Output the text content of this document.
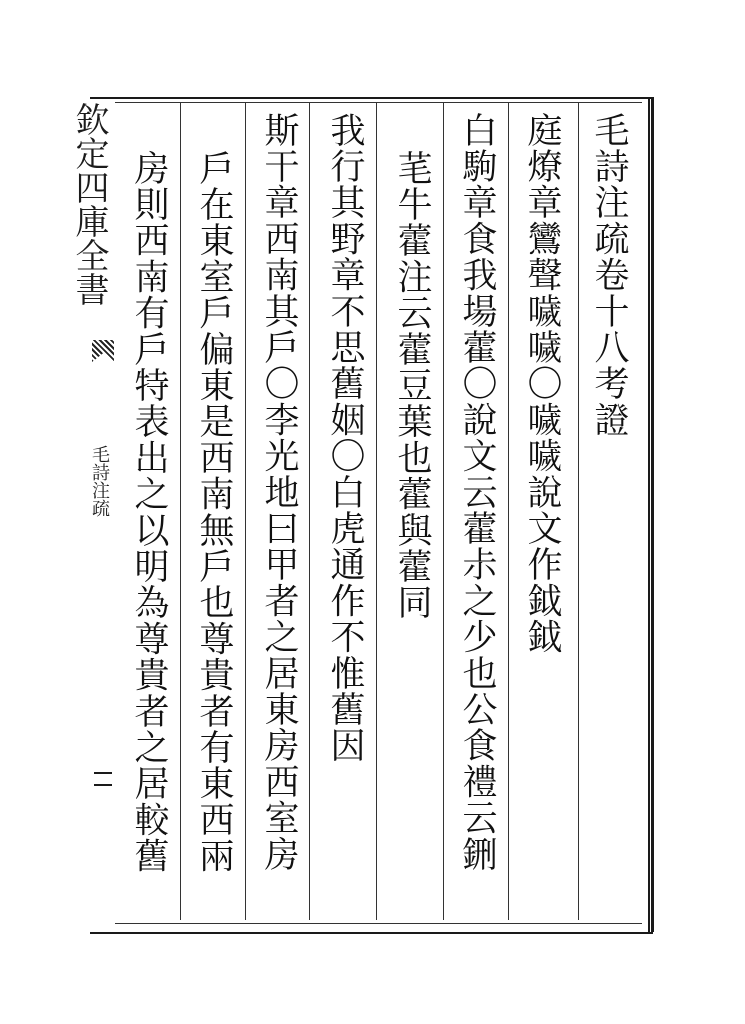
欽定四庫全書
毛詩注疏
毛詩注疏卷十八考證
庭燎章鸞聲噦噦〇噦噦說文作鉞鉞
白駒章食我場藿〇說文云藿尗之少也公食禮云鉶
芼牛藿注云藿豆葉也藿與藿同
我行其野章不思舊姻〇白虎通作不惟舊因
斯干章西南其戶〇李光地曰甲者之居東房西室房
戶在東室戶偏東是西南無戶也尊貴者有東西兩
房則西南有戶特表出之以明為尊貴者之居較舊
